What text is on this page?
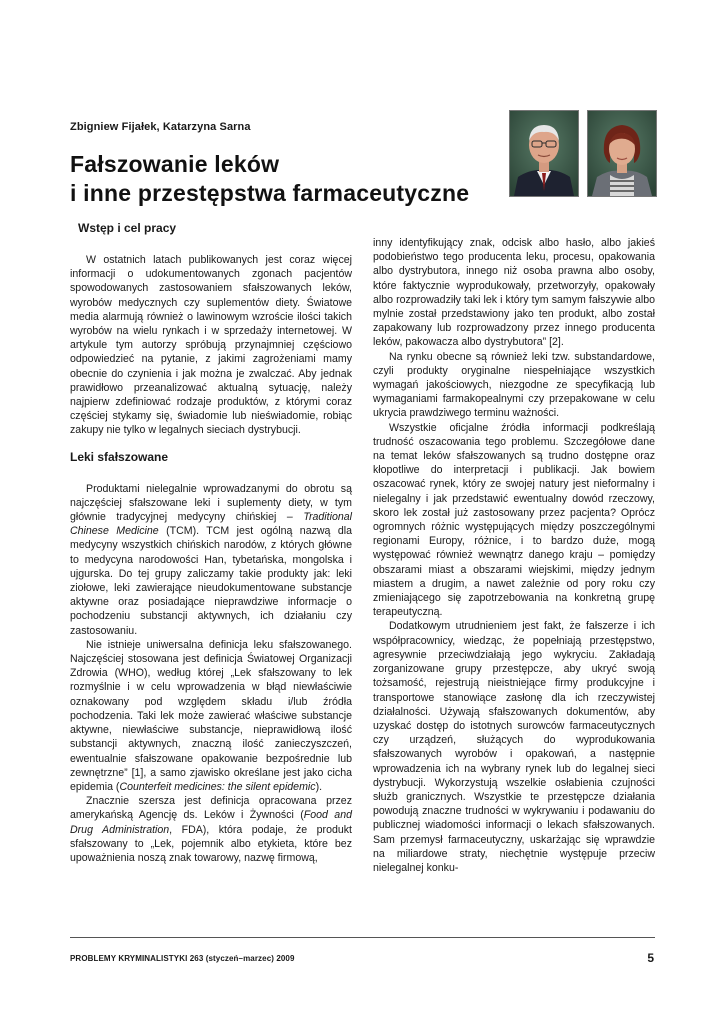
Zbigniew Fijałek, Katarzyna Sarna
Fałszowanie leków
i inne przestępstwa farmaceutyczne
Wstęp i cel pracy

W ostatnich latach publikowanych jest coraz więcej informacji o udokumentowanych zgonach pacjentów spowodowanych zastosowaniem sfałszowanych leków, wyrobów medycznych czy suplementów diety. Światowe media alarmują również o lawinowym wzroście ilości takich wyrobów na wielu rynkach i w sprzedaży internetowej. W artykule tym autorzy spróbują przynajmniej częściowo odpowiedzieć na pytanie, z jakimi zagrożeniami mamy obecnie do czynienia i jak można je zwalczać. Aby jednak prawidłowo przeanalizować aktualną sytuację, należy najpierw zdefiniować rodzaje produktów, z którymi coraz częściej stykamy się, świadomie lub nieświadomie, robiąc zakupy nie tylko w legalnych sieciach dystrybucji.

Leki sfałszowane

Produktami nielegalnie wprowadzanymi do obrotu są najczęściej sfałszowane leki i suplementy diety, w tym głównie tradycyjnej medycyny chińskiej – Traditional Chinese Medicine (TCM). TCM jest ogólną nazwą dla medycyny wszystkich chińskich narodów, z których główne to medycyna narodowości Han, tybetańska, mongolska i ujgurska. Do tej grupy zaliczamy takie produkty jak: leki ziołowe, leki zawierające nieudokumentowane substancje aktywne oraz posiadające nieprawdziwe informacje o pochodzeniu substancji aktywnych, ich działaniu czy zastosowaniu.

Nie istnieje uniwersalna definicja leku sfałszowanego. Najczęściej stosowana jest definicja Światowej Organizacji Zdrowia (WHO), według której „Lek sfałszowany to lek rozmyślnie i w celu wprowadzenia w błąd niewłaściwie oznakowany pod względem składu i/lub źródła pochodzenia. Taki lek może zawierać właściwe substancje aktywne, niewłaściwe substancje, nieprawidłową ilość substancji aktywnych, znaczną ilość zanieczyszczeń, ewentualnie sfałszowane opakowanie bezpośrednie lub zewnętrzne” [1], a samo zjawisko określane jest jako cicha epidemia (Counterfeit medicines: the silent epidemic).

Znacznie szersza jest definicja opracowana przez amerykańską Agencję ds. Leków i Żywności (Food and Drug Administration, FDA), która podaje, że produkt sfałszowany to „Lek, pojemnik albo etykieta, które bez upoważnienia noszą znak towarowy, nazwę firmową,

inny identyfikujący znak, odcisk albo hasło, albo jakieś podobieństwo tego producenta leku, procesu, opakowania albo dystrybutora, innego niż osoba prawna albo osoby, które faktycznie wyprodukowały, przetworzyły, opakowały albo rozprowadziły taki lek i który tym samym fałszywie albo mylnie został przedstawiony jako ten produkt, albo został zapakowany lub rozprowadzony przez innego producenta leków, pakowacza albo dystrybutora” [2].

Na rynku obecne są również leki tzw. substandardowe, czyli produkty oryginalne niespełniające wszystkich wymagań jakościowych, niezgodne ze specyfikacją lub wymaganiami farmakopealnymi czy przepakowane w celu ukrycia prawdziwego terminu ważności.

Wszystkie oficjalne źródła informacji podkreślają trudność oszacowania tego problemu. Szczegółowe dane na temat leków sfałszowanych są trudno dostępne oraz kłopotliwe do interpretacji i publikacji. Jak bowiem oszacować rynek, który ze swojej natury jest nieformalny i nielegalny i jak przedstawić ewentualny dowód rzeczowy, skoro lek został już zastosowany przez pacjenta? Oprócz ogromnych różnic występujących między poszczególnymi regionami Europy, różnice, i to bardzo duże, mogą występować również wewnątrz danego kraju – pomiędzy obszarami miast a obszarami wiejskimi, między jednym miastem a drugim, a nawet zależnie od pory roku czy zmieniającego się zapotrzebowania na konkretną grupę terapeutyczną.

Dodatkowym utrudnieniem jest fakt, że fałszerze i ich współpracownicy, wiedząc, że popełniają przestępstwo, agresywnie przeciwdziałają jego wykryciu. Zakładają zorganizowane grupy przestępcze, aby ukryć swoją tożsamość, rejestrują nieistniejące firmy produkcyjne i transportowe stanowiące zasłonę dla ich rzeczywistej działalności. Używają sfałszowanych dokumentów, aby uzyskać dostęp do istotnych surowców farmaceutycznych czy urządzeń, służących do wyprodukowania sfałszowanych wyrobów i opakowań, a następnie wprowadzenia ich na wybrany rynek lub do legalnej sieci dystrybucji. Wykorzystują wszelkie osłabienia czujności służb granicznych. Wszystkie te przestępcze działania powodują znaczne trudności w wykrywaniu i podawaniu do publicznej wiadomości informacji o lekach sfałszowanych. Sam przemysł farmaceutyczny, uskarżając się wprawdzie na miliardowe straty, niechętnie występuje przeciw nielegalnej konku-

PROBLEMY KRYMINALISTYKI 263 (styczeń–marzec) 2009	5
